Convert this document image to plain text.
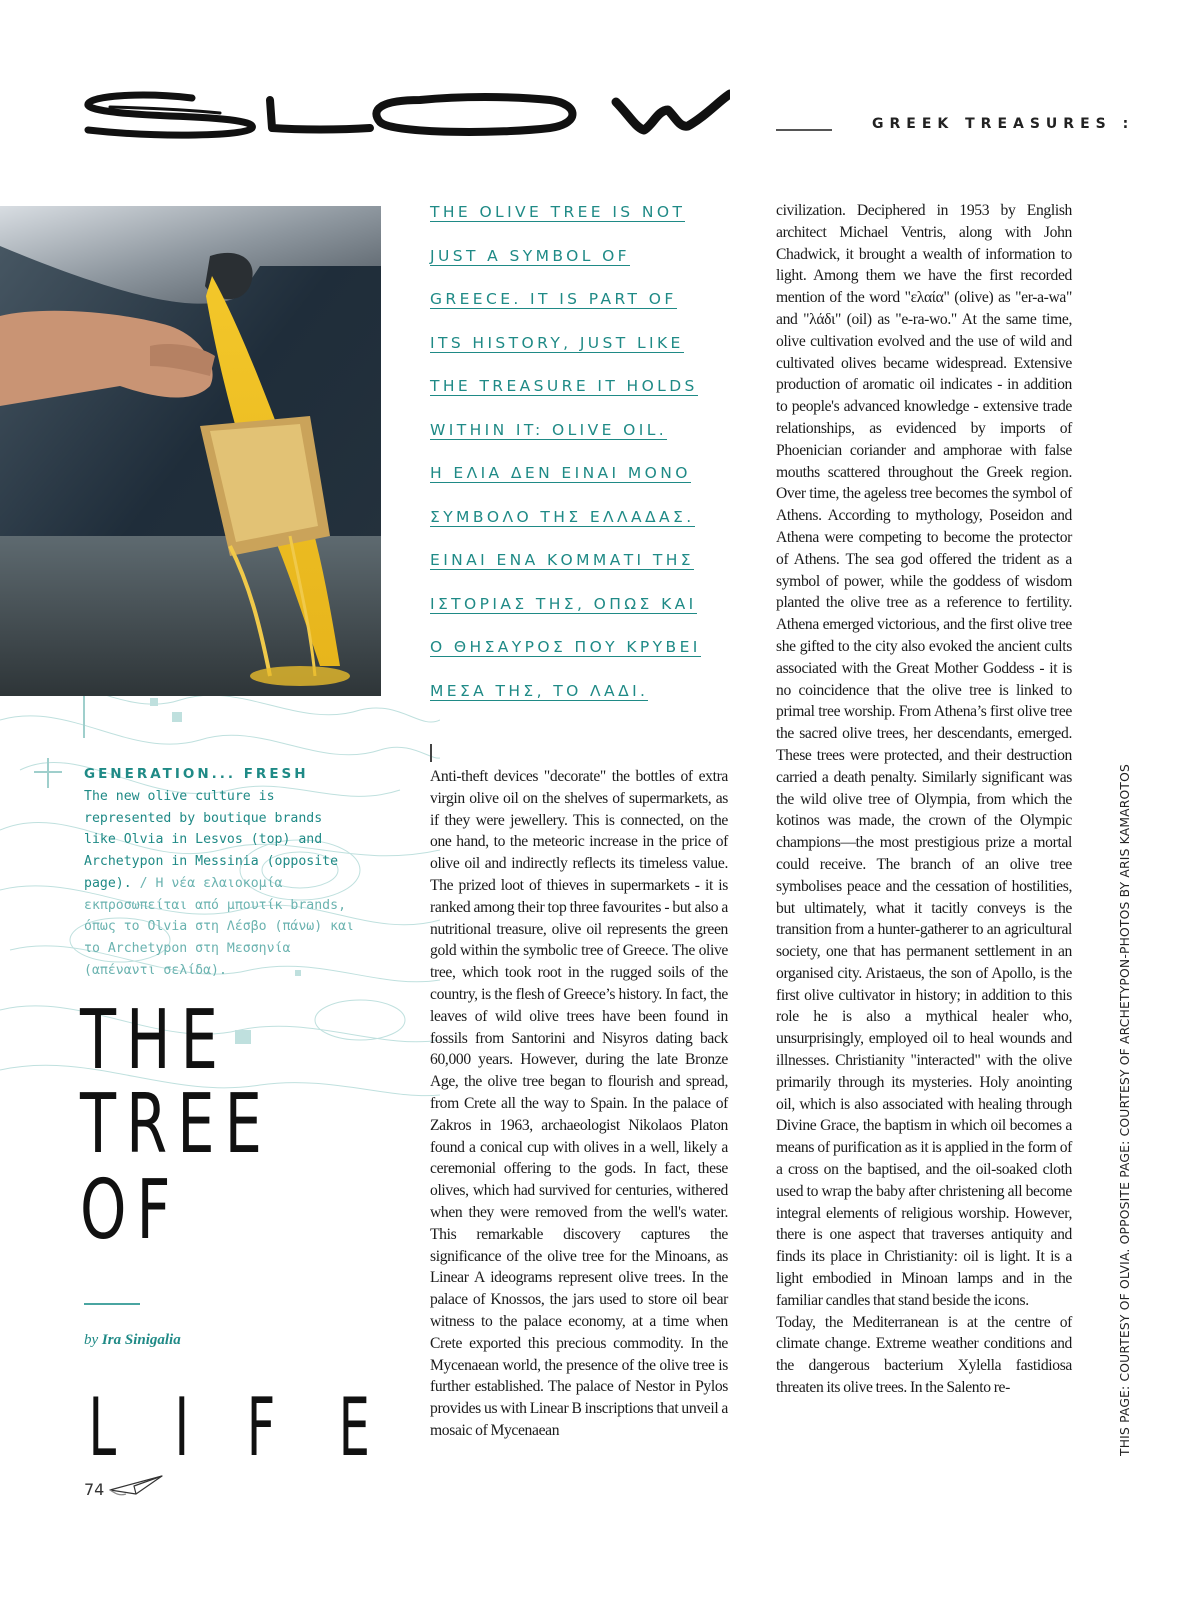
GREEK TREASURES :
THE OLIVE TREE IS NOT
JUST A SYMBOL OF
GREECE. IT IS PART OF
ITS HISTORY, JUST LIKE
THE TREASURE IT HOLDS
WITHIN IT: OLIVE OIL.
Η ΕΛΙΑ ΔΕΝ ΕΙΝΑΙ ΜΟΝΟ
ΣΥΜΒΟΛΟ ΤΗΣ ΕΛΛΑΔΑΣ.
ΕΙΝΑΙ ΕΝΑ ΚΟΜΜΑΤΙ ΤΗΣ
ΙΣΤΟΡΙΑΣ ΤΗΣ, ΟΠΩΣ ΚΑΙ
Ο ΘΗΣΑΥΡΟΣ ΠΟΥ ΚΡΥΒΕΙ
ΜΕΣΑ ΤΗΣ, ΤΟ ΛΑΔΙ.

GENERATION... FRESH

The new olive culture is represented by boutique brands like Olvia in Lesvos (top) and Archetypon in Messinia (opposite page). / Η νέα ελαιοκομία εκπροσωπείται από μπουτίκ brands, όπως το Olvia στη Λέσβο (πάνω) και το Archetypon στη Μεσσηνία (απέναντι σελίδα).

THE
TREE
OF
by Ira Sinigalia
L I F E
74

Anti-theft devices "decorate" the bottles of extra virgin olive oil on the shelves of supermarkets, as if they were jewellery. This is connected, on the one hand, to the meteoric increase in the price of olive oil and indirectly reflects its timeless value. The prized loot of thieves in supermarkets - it is ranked among their top three favourites - but also a nutritional treasure, olive oil represents the green gold within the symbolic tree of Greece. The olive tree, which took root in the rugged soils of the country, is the flesh of Greece’s history. In fact, the leaves of wild olive trees have been found in fossils from Santorini and Nisyros dating back 60,000 years. However, during the late Bronze Age, the olive tree began to flourish and spread, from Crete all the way to Spain. In the palace of Zakros in 1963, archaeologist Nikolaos Platon found a conical cup with olives in a well, likely a ceremonial offering to the gods. In fact, these olives, which had survived for centuries, withered when they were removed from the well's water. This remarkable discovery captures the significance of the olive tree for the Minoans, as Linear A ideograms represent olive trees. In the palace of Knossos, the jars used to store oil bear witness to the palace economy, at a time when Crete exported this precious commodity. In the Mycenaean world, the presence of the olive tree is further established. The palace of Nestor in Pylos provides us with Linear B inscriptions that unveil a mosaic of Mycenaean

civilization. Deciphered in 1953 by English architect Michael Ventris, along with John Chadwick, it brought a wealth of information to light. Among them we have the first recorded mention of the word "ελαία" (olive) as "er-a-wa" and "λάδι" (oil) as "e-ra-wo." At the same time, olive cultivation evolved and the use of wild and cultivated olives became widespread. Extensive production of aromatic oil indicates - in addition to people's advanced knowledge - extensive trade relationships, as evidenced by imports of Phoenician coriander and amphorae with false mouths scattered throughout the Greek region. Over time, the ageless tree becomes the symbol of Athens. According to mythology, Poseidon and Athena were competing to become the protector of Athens. The sea god offered the trident as a symbol of power, while the goddess of wisdom planted the olive tree as a reference to fertility. Athena emerged victorious, and the first olive tree she gifted to the city also evoked the ancient cults associated with the Great Mother Goddess - it is no coincidence that the olive tree is linked to primal tree worship. From Athena’s first olive tree the sacred olive trees, her descendants, emerged. These trees were protected, and their destruction carried a death penalty. Similarly significant was the wild olive tree of Olympia, from which the kotinos was made, the crown of the Olympic champions—the most prestigious prize a mortal could receive. The branch of an olive tree symbolises peace and the cessation of hostilities, but ultimately, what it tacitly conveys is the transition from a hunter-gatherer to an agricultural society, one that has permanent settlement in an organised city. Aristaeus, the son of Apollo, is the first olive cultivator in history; in addition to this role he is also a mythical healer who, unsurprisingly, employed oil to heal wounds and illnesses. Christianity "interacted" with the olive primarily through its mysteries. Holy anointing oil, which is also associated with healing through Divine Grace, the baptism in which oil becomes a means of purification as it is applied in the form of a cross on the baptised, and the oil-soaked cloth used to wrap the baby after christening all become integral elements of religious worship. However, there is one aspect that traverses antiquity and finds its place in Christianity: oil is light. It is a light embodied in Minoan lamps and in the familiar candles that stand beside the icons.

Today, the Mediterranean is at the centre of climate change. Extreme weather conditions and the dangerous bacterium Xylella fastidiosa threaten its olive trees. In the Salento re-	THIS PAGE: COURTESY OF OLVIA. OPPOSITE PAGE: COURTESY OF ARCHETYPON-PHOTOS BY ARIS KAMAROTOS
